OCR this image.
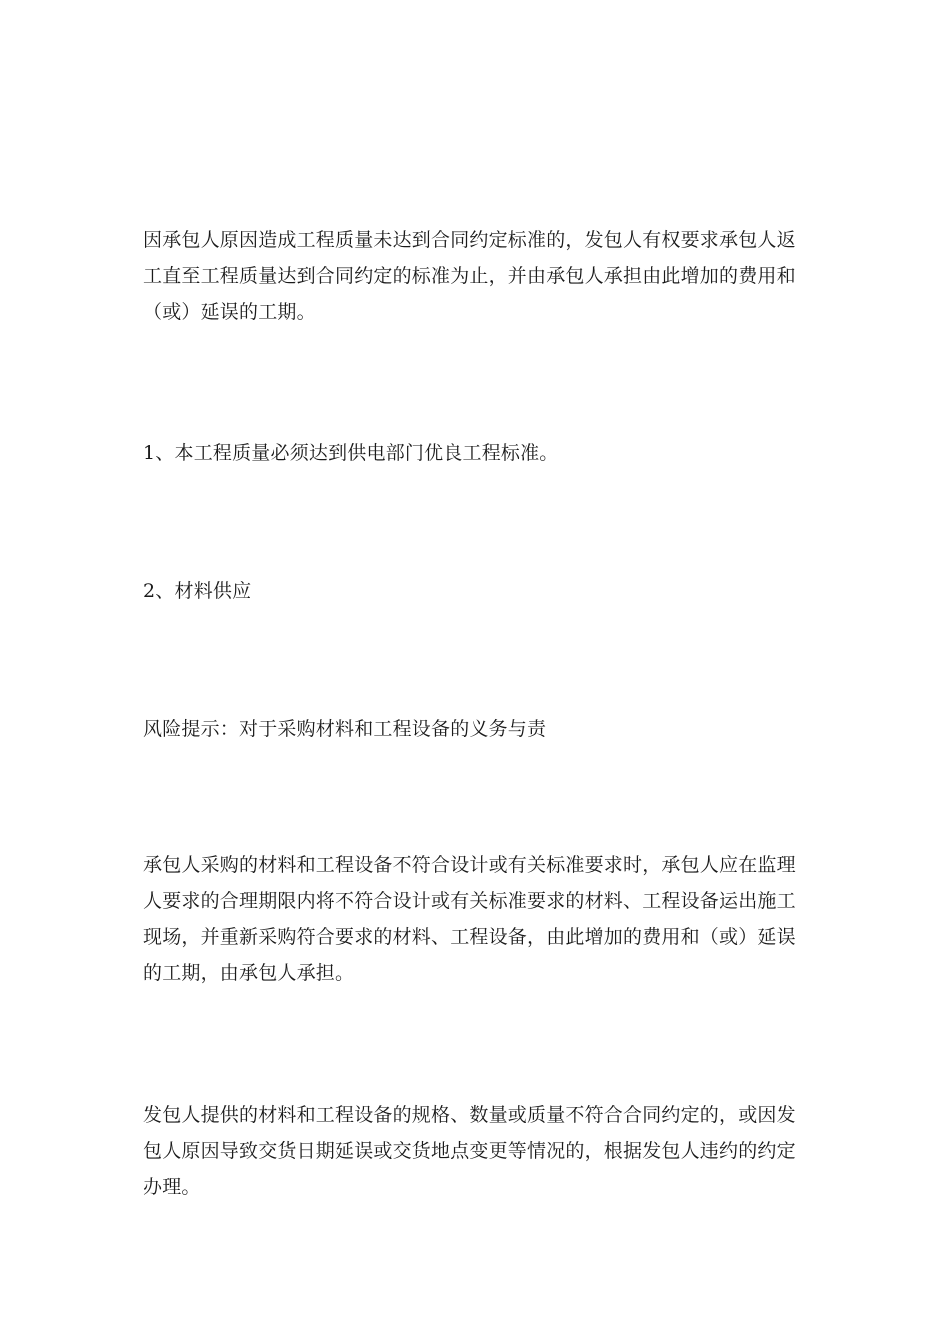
因承包人原因造成工程质量未达到合同约定标准的，发包人有权要求承包人返工直至工程质量达到合同约定的标准为止，并由承包人承担由此增加的费用和（或）延误的工期。

1、本工程质量必须达到供电部门优良工程标准。

2、材料供应

风险提示：对于采购材料和工程设备的义务与责

承包人采购的材料和工程设备不符合设计或有关标准要求时，承包人应在监理人要求的合理期限内将不符合设计或有关标准要求的材料、工程设备运出施工现场，并重新采购符合要求的材料、工程设备，由此增加的费用和（或）延误的工期，由承包人承担。

发包人提供的材料和工程设备的规格、数量或质量不符合合同约定的，或因发包人原因导致交货日期延误或交货地点变更等情况的，根据发包人违约的约定办理。
